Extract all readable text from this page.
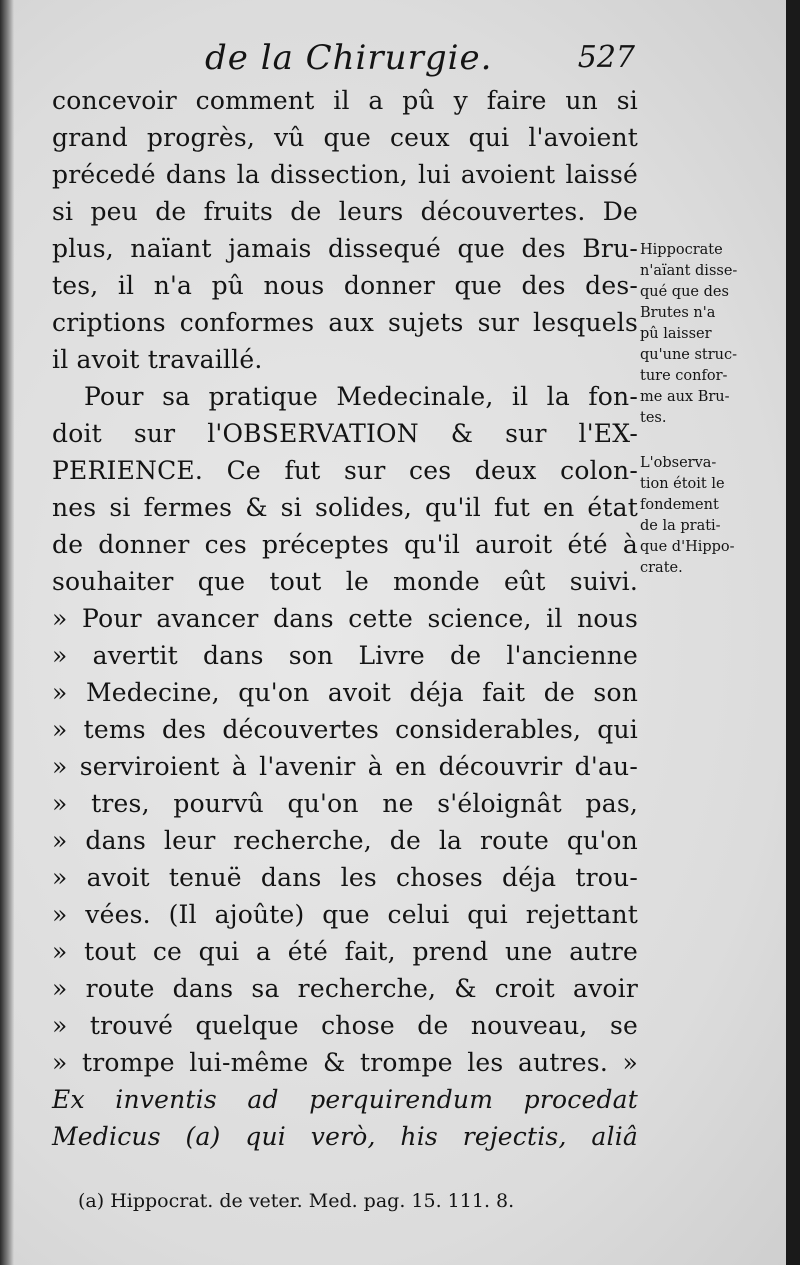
de la Chirurgie.	527
concevoir comment il a pû y faire un si
grand progrès, vû que ceux qui l'avoient
précedé dans la dissection, lui avoient laissé
si peu de fruits de leurs découvertes. De
plus, naïant jamais dissequé que des Bru-
tes, il n'a pû nous donner que des des-
criptions conformes aux sujets sur lesquels
il avoit travaillé.
Pour sa pratique Medecinale, il la fon-
doit sur l'OBSERVATION & sur l'EX-
PERIENCE. Ce fut sur ces deux colon-
nes si fermes & si solides, qu'il fut en état
de donner ces préceptes qu'il auroit été à
souhaiter que tout le monde eût suivi.
» Pour avancer dans cette science, il nous
» avertit dans son Livre de l'ancienne
» Medecine, qu'on avoit déja fait de son
» tems des découvertes considerables, qui
» serviroient à l'avenir à en découvrir d'au-
» tres, pourvû qu'on ne s'éloignât pas,
» dans leur recherche, de la route qu'on
» avoit tenuë dans les choses déja trou-
» vées. (Il ajoûte) que celui qui rejettant
» tout ce qui a été fait, prend une autre
» route dans sa recherche, & croit avoir
» trouvé quelque chose de nouveau, se
» trompe lui-même & trompe les autres. »
Ex inventis ad perquirendum procedat
Medicus (a) qui verò, his rejectis, aliâ
Hippocrate
n'aïant disse-
qué que des
Brutes n'a
pû laisser
qu'une struc-
ture confor-
me aux Bru-
tes.
L'observa-
tion étoit le
fondement
de la prati-
que d'Hippo-
crate.
(a) Hippocrat. de veter. Med. pag. 15. 111. 8.
